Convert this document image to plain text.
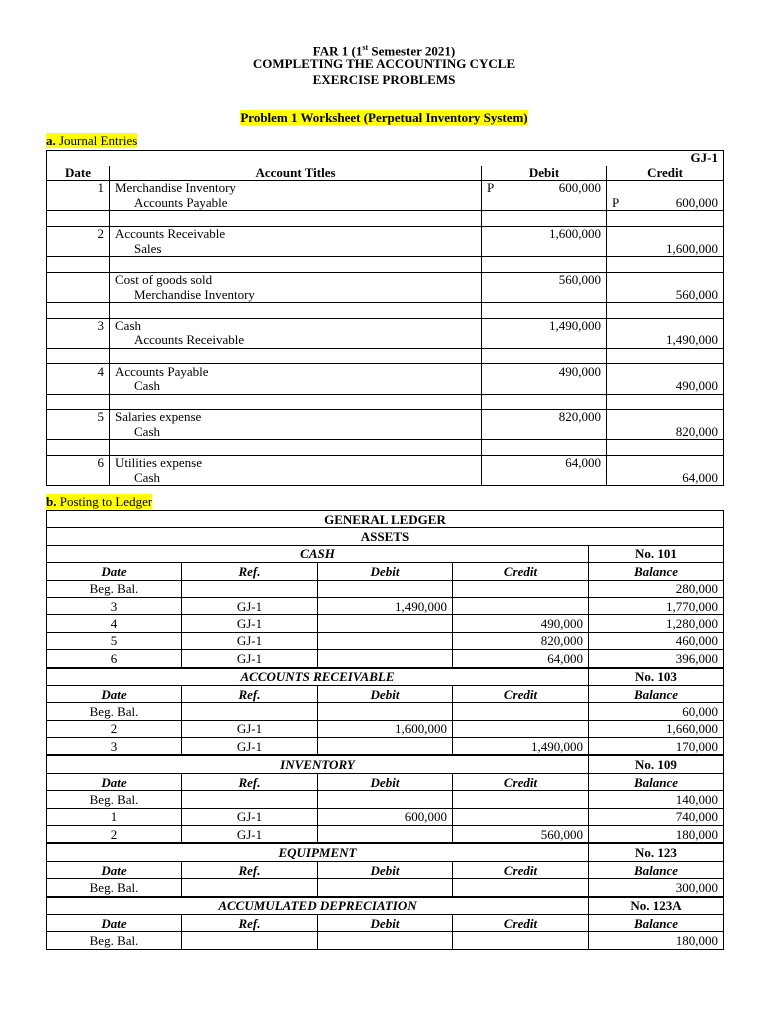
FAR 1 (1st Semester 2021)
COMPLETING THE ACCOUNTING CYCLE
EXERCISE PROBLEMS
Problem 1 Worksheet (Perpetual Inventory System)
a. Journal Entries
			GJ-1
Date	Account Titles	Debit	Credit
1	Merchandise Inventory	P 600,000	

	Accounts Payable		P 600,000

2	Accounts Receivable	1,600,000	
	Sales		1,600,000

	Cost of goods sold	560,000	
	Merchandise Inventory		560,000

3	Cash	1,490,000	
	Accounts Receivable		1,490,000

4	Accounts Payable	490,000	
	Cash		490,000

5	Salaries expense	820,000	
	Cash		820,000

6	Utilities expense	64,000	
	Cash		64,000
b. Posting to Ledger
GENERAL LEDGER				
ASSETS				
CASH				No. 101
Date	Ref.	Debit	Credit	Balance
Beg. Bal.				280,000
3	GJ-1	1,490,000		1,770,000
4	GJ-1		490,000	1,280,000
5	GJ-1		820,000	460,000
6	GJ-1		64,000	396,000
ACCOUNTS RECEIVABLE				No. 103
Date	Ref.	Debit	Credit	Balance
Beg. Bal.				60,000
2	GJ-1	1,600,000		1,660,000
3	GJ-1		1,490,000	170,000
INVENTORY				No. 109
Date	Ref.	Debit	Credit	Balance
Beg. Bal.				140,000
1	GJ-1	600,000		740,000
2	GJ-1		560,000	180,000
EQUIPMENT				No. 123
Date	Ref.	Debit	Credit	Balance
Beg. Bal.				300,000
ACCUMULATED DEPRECIATION				No. 123A
Date	Ref.	Debit	Credit	Balance
Beg. Bal.				180,000
